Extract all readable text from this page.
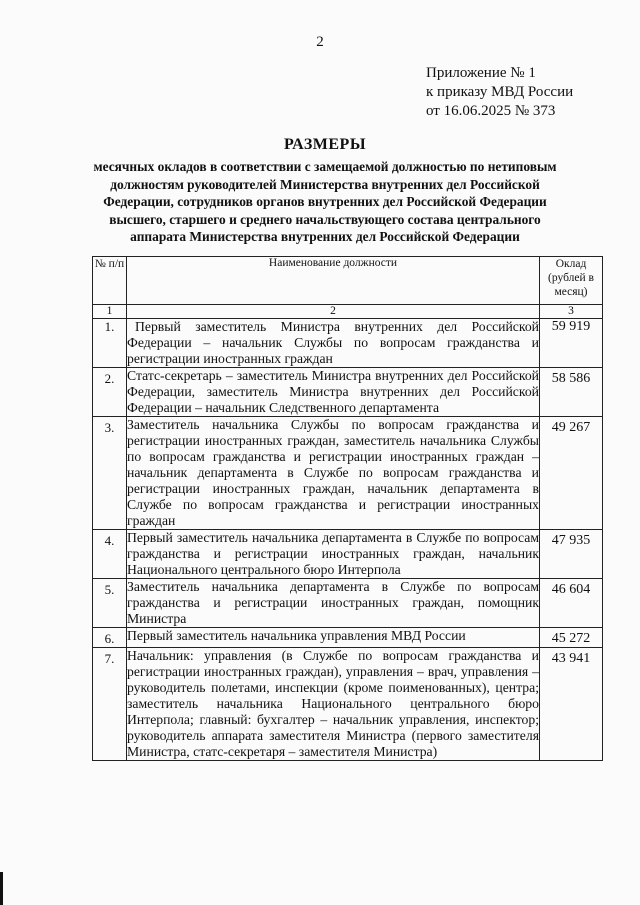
2
Приложение № 1
к приказу МВД России
от 16.06.2025 № 373
РАЗМЕРЫ
месячных окладов в соответствии с замещаемой должностью по нетиповым должностям руководителей Министерства внутренних дел Российской Федерации, сотрудников органов внутренних дел Российской Федерации высшего, старшего и среднего начальствующего состава центрального аппарата Министерства внутренних дел Российской Федерации
№ п/п	Наименование должности	Оклад (рублей в месяц)
1	2	3
1.	Первый заместитель Министра внутренних дел Российской Федерации – начальник Службы по вопросам гражданства и регистрации иностранных граждан	59 919
2.	Статс-секретарь – заместитель Министра внутренних дел Российской Федерации, заместитель Министра внутренних дел Российской Федерации – начальник Следственного департамента	58 586
3.	Заместитель начальника Службы по вопросам гражданства и регистрации иностранных граждан, заместитель начальника Службы по вопросам гражданства и регистрации иностранных граждан – начальник департамента в Службе по вопросам гражданства и регистрации иностранных граждан, начальник департамента в Службе по вопросам гражданства и регистрации иностранных граждан	49 267
4.	Первый заместитель начальника департамента в Службе по вопросам гражданства и регистрации иностранных граждан, начальник Национального центрального бюро Интерпола	47 935
5.	Заместитель начальника департамента в Службе по вопросам гражданства и регистрации иностранных граждан, помощник Министра	46 604
6.	Первый заместитель начальника управления МВД России	45 272
7.	Начальник: управления (в Службе по вопросам гражданства и регистрации иностранных граждан), управления – врач, управления – руководитель полетами, инспекции (кроме поименованных), центра; заместитель начальника Национального центрального бюро Интерпола; главный: бухгалтер – начальник управления, инспектор; руководитель аппарата заместителя Министра (первого заместителя Министра, статс-секретаря – заместителя Министра)	43 941
